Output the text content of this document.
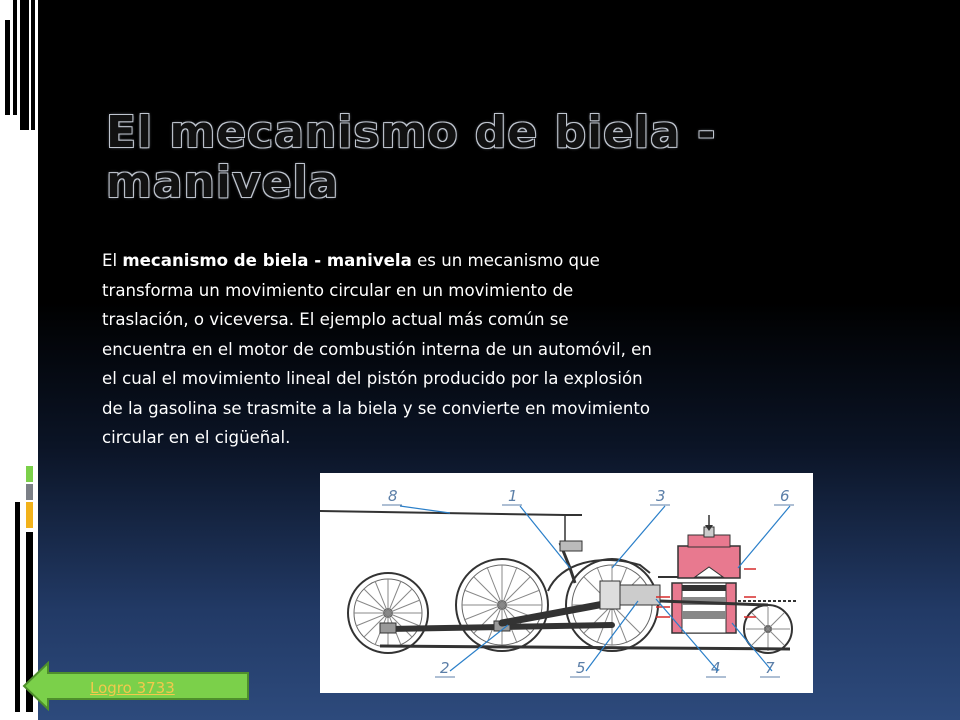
El mecanismo de biela - manivela

El mecanismo de biela - manivela es un mecanismo que transforma un movimiento circular en un movimiento de traslación, o viceversa. El ejemplo actual más común se encuentra en el motor de combustión interna de un automóvil, en el cual el movimiento lineal del pistón producido por la explosión de la gasolina se trasmite a la biela y se convierte en movimiento circular en el cigüeñal.

8	1	3	6
2	5	4	7
Logro 3733
